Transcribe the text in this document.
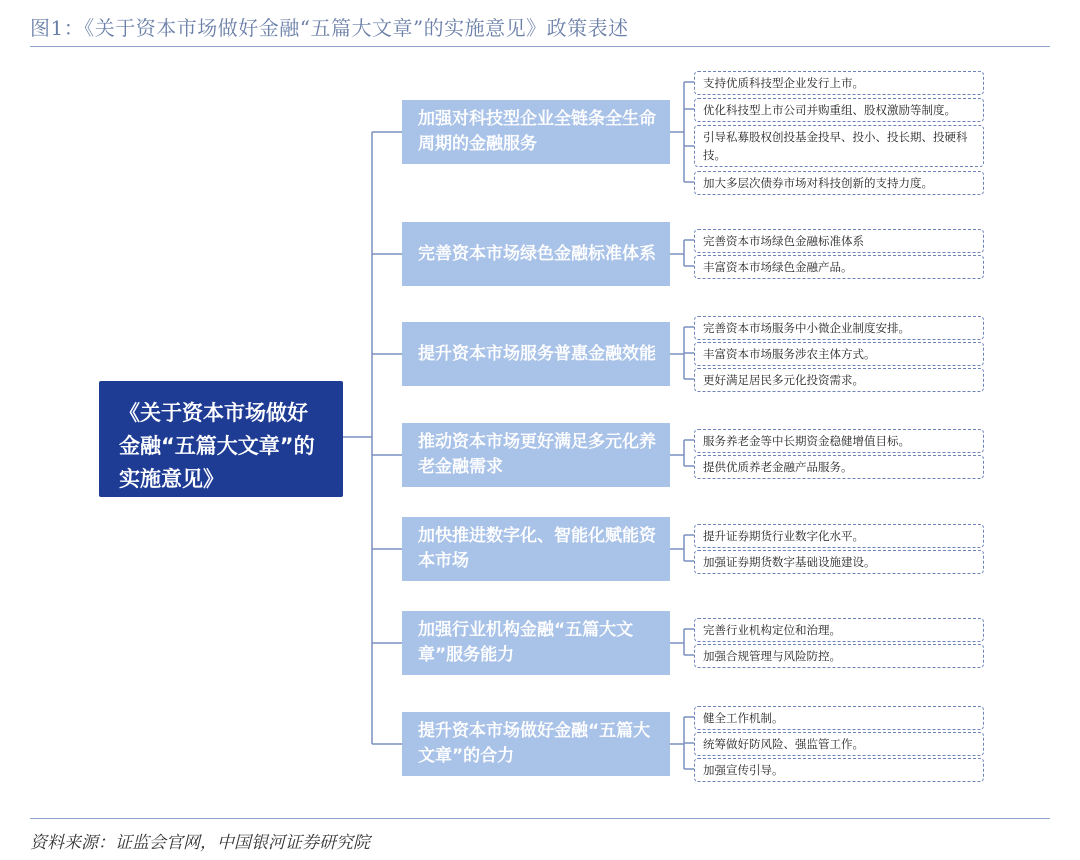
图1：《关于资本市场做好金融“五篇大文章”的实施意见》政策表述
《关于资本市场做好金融“五篇大文章”的实施意见》
加强对科技型企业全链条全生命周期的金融服务
支持优质科技型企业发行上市。
优化科技型上市公司并购重组、股权激励等制度。
引导私募股权创投基金投早、投小、投长期、投硬科技。
加大多层次债券市场对科技创新的支持力度。
完善资本市场绿色金融标准体系
完善资本市场绿色金融标准体系
丰富资本市场绿色金融产品。
提升资本市场服务普惠金融效能
完善资本市场服务中小微企业制度安排。
丰富资本市场服务涉农主体方式。
更好满足居民多元化投资需求。
推动资本市场更好满足多元化养老金融需求
服务养老金等中长期资金稳健增值目标。
提供优质养老金融产品服务。
加快推进数字化、智能化赋能资本市场
提升证券期货行业数字化水平。
加强证券期货数字基础设施建设。
加强行业机构金融“五篇大文章”服务能力
完善行业机构定位和治理。
加强合规管理与风险防控。
提升资本市场做好金融“五篇大文章”的合力
健全工作机制。
统筹做好防风险、强监管工作。
加强宣传引导。
资料来源：证监会官网，中国银河证券研究院
